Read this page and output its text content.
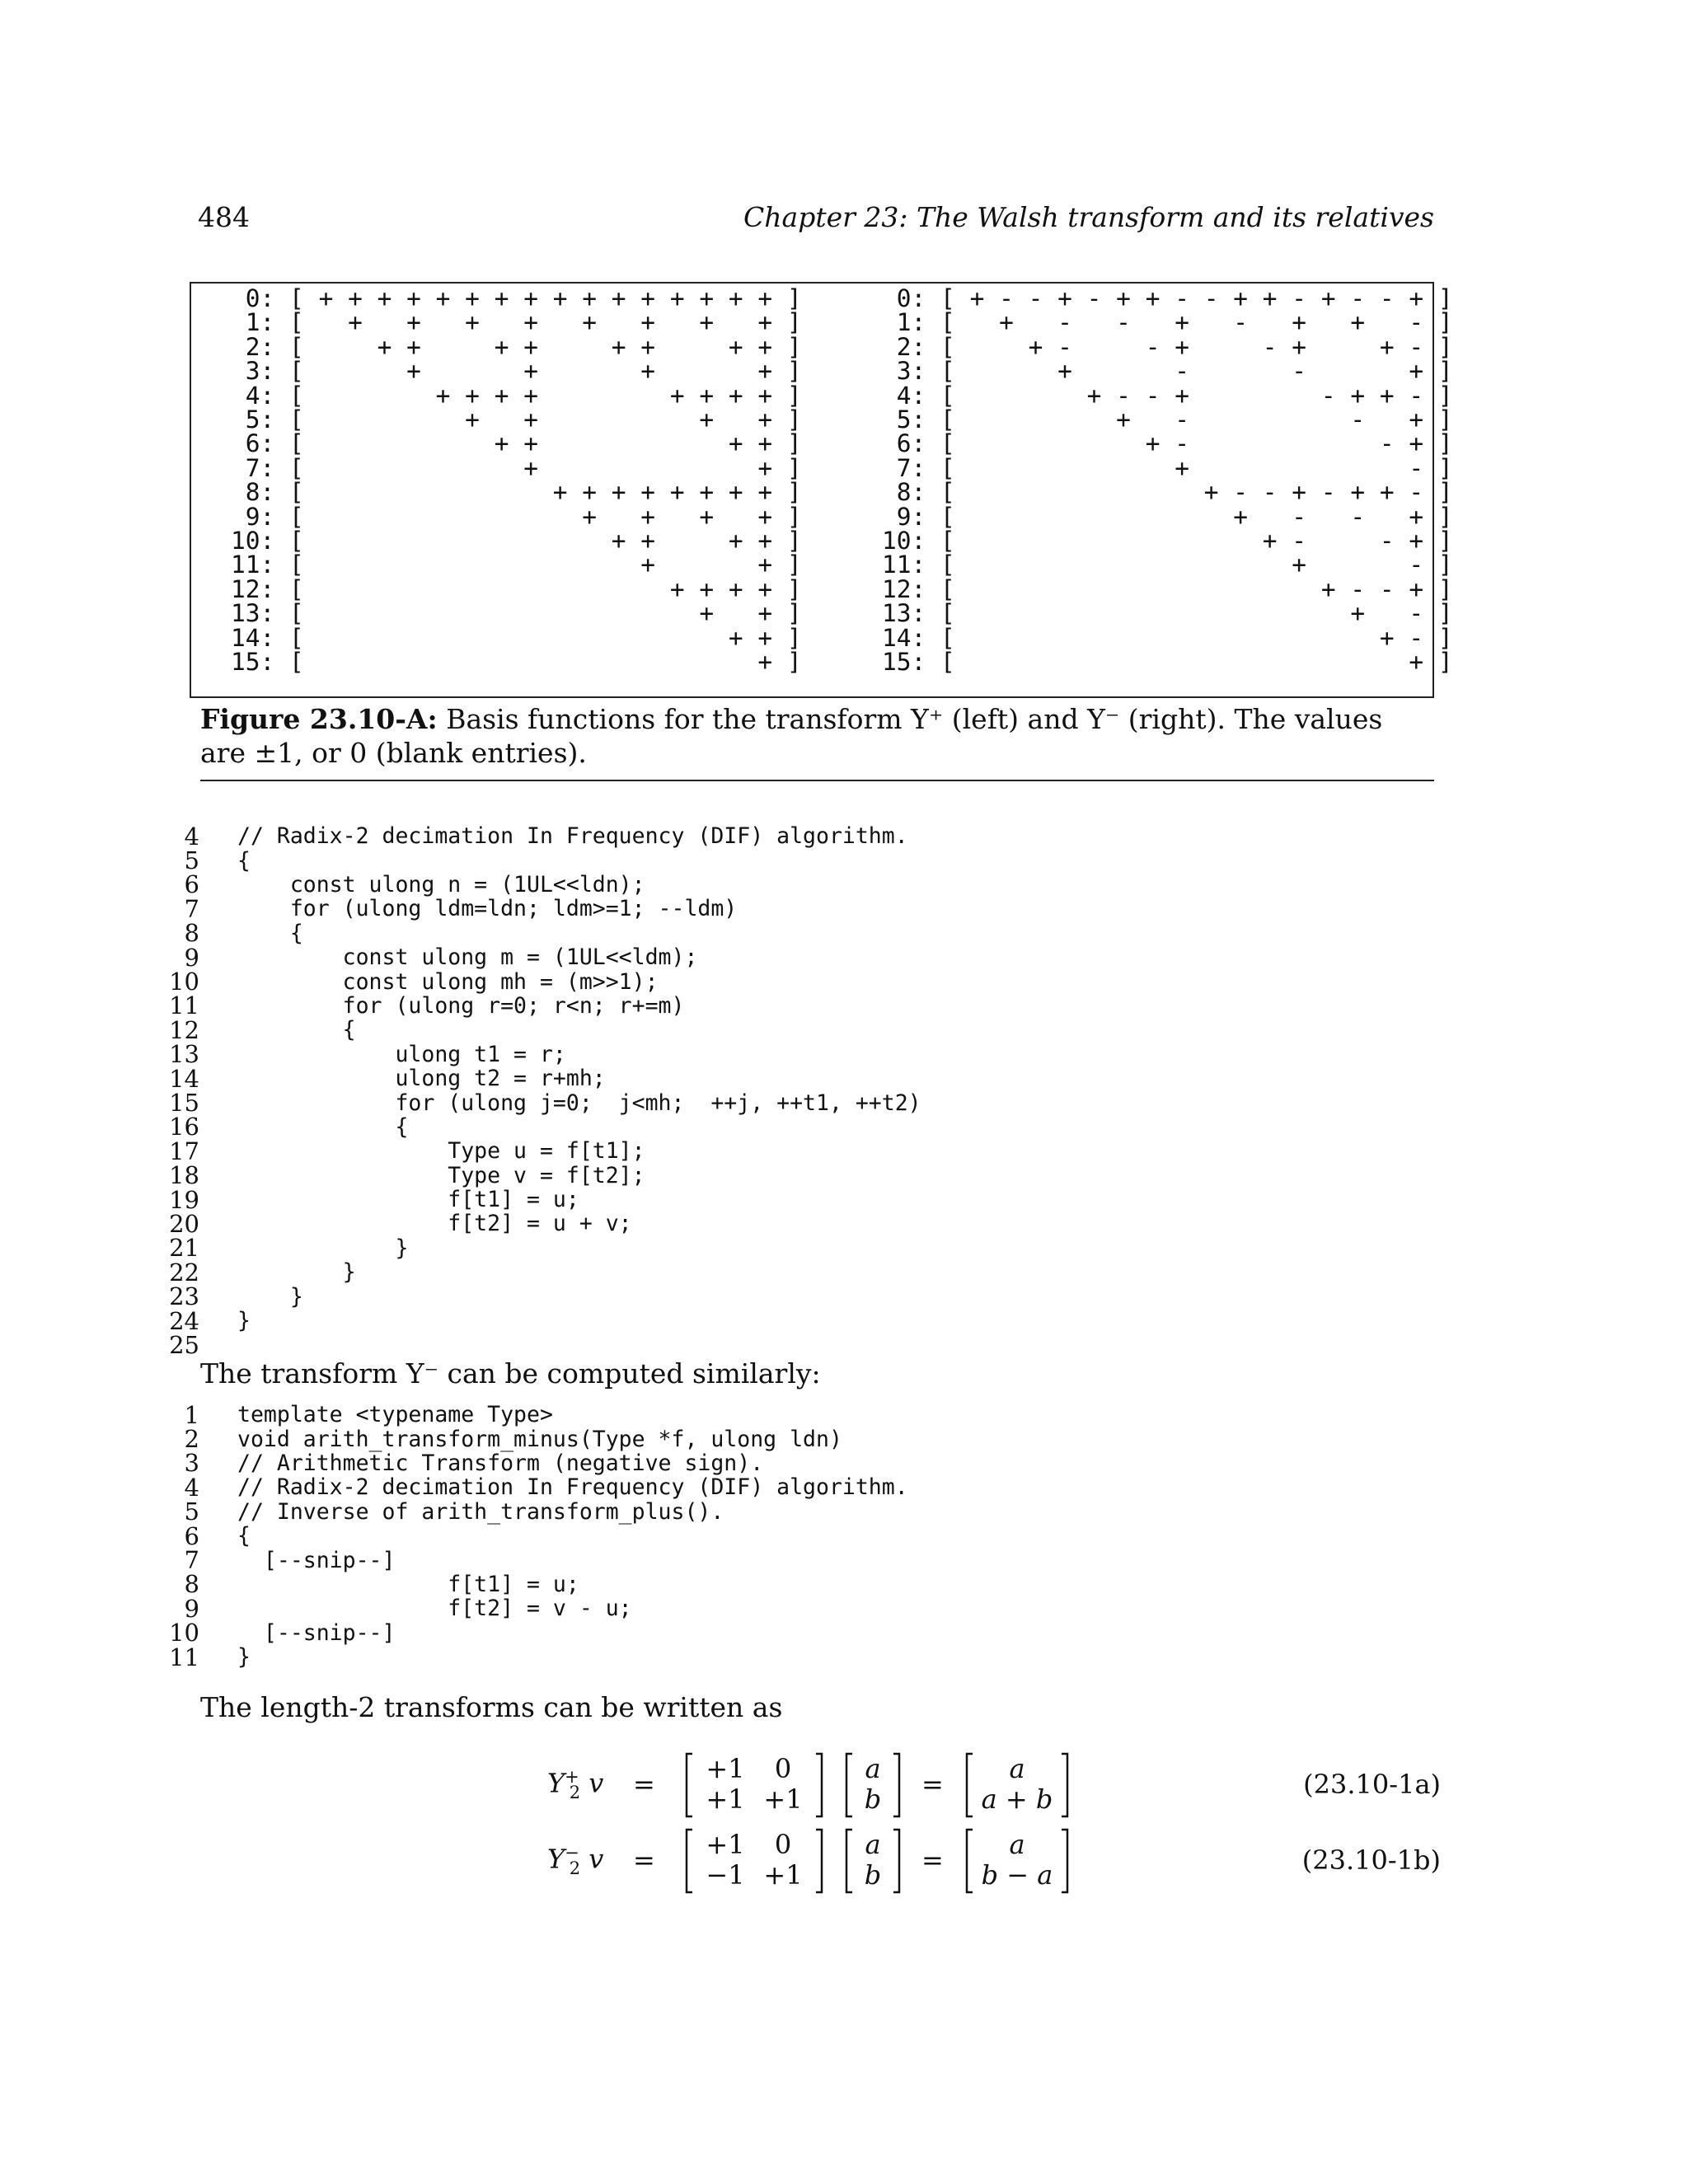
484	Chapter 23: The Walsh transform and its relatives
0: [ + + + + + + + + + + + + + + + + ]
1: [   +   +   +   +   +   +   +   + ]
2: [     + +     + +     + +     + + ]
3: [       +       +       +       + ]
4: [         + + + +         + + + + ]
5: [           +   +           +   + ]
6: [             + +             + + ]
7: [               +               + ]
8: [                 + + + + + + + + ]
9: [                   +   +   +   + ]
10: [                     + +     + + ]
11: [                       +       + ]
12: [                         + + + + ]
13: [                           +   + ]
14: [                             + + ]
15: [                               + ]
0: [ + - - + - + + - - + + - + - - + ]
1: [   +   -   -   +   -   +   +   - ]
2: [     + -     - +     - +     + - ]
3: [       +       -       -       + ]
4: [         + - - +         - + + - ]
5: [           +   -           -   + ]
6: [             + -             - + ]
7: [               +               - ]
8: [                 + - - + - + + - ]
9: [                   +   -   -   + ]
10: [                     + -     - + ]
11: [                       +       - ]
12: [                         + - - + ]
13: [                           +   - ]
14: [                             + - ]
15: [                               + ]
Figure 23.10-A: Basis functions for the transform Y⁺ (left) and Y⁻ (right). The values are ±1, or 0 (blank entries).
4 // Radix-2 decimation In Frequency (DIF) algorithm.
5 {
6 const ulong n = (1UL<<ldn);
7 for (ulong ldm=ldn; ldm>=1; --ldm)
8 {
9 const ulong m = (1UL<<ldm);
10 const ulong mh = (m>>1);
11 for (ulong r=0; r<n; r+=m)
12 {
13 ulong t1 = r;
14 ulong t2 = r+mh;
15 for (ulong j=0;  j<mh;  ++j, ++t1, ++t2)
16 {
17 Type u = f[t1];
18 Type v = f[t2];
19 f[t1] = u;
20 f[t2] = u + v;
21 }
22 }
23 }
24 }
25
The transform Y⁻ can be computed similarly:
1 template <typename Type>
2 void arith_transform_minus(Type *f, ulong ldn)
3 // Arithmetic Transform (negative sign).
4 // Radix-2 decimation In Frequency (DIF) algorithm.
5 // Inverse of arith_transform_plus().
6 {
7 [--snip--]
8 f[t1] = u;
9 f[t2] = v - u;
10 [--snip--]
11 }
The length-2 transforms can be written as
$Y^+_2$ v = +1	0
+1 +1
a
b	=	a
a + b	(23.10-1a)
$Y^-_2$ v = +1	0
−1 +1
a
b	=	a
b − a	(23.10-1b)
